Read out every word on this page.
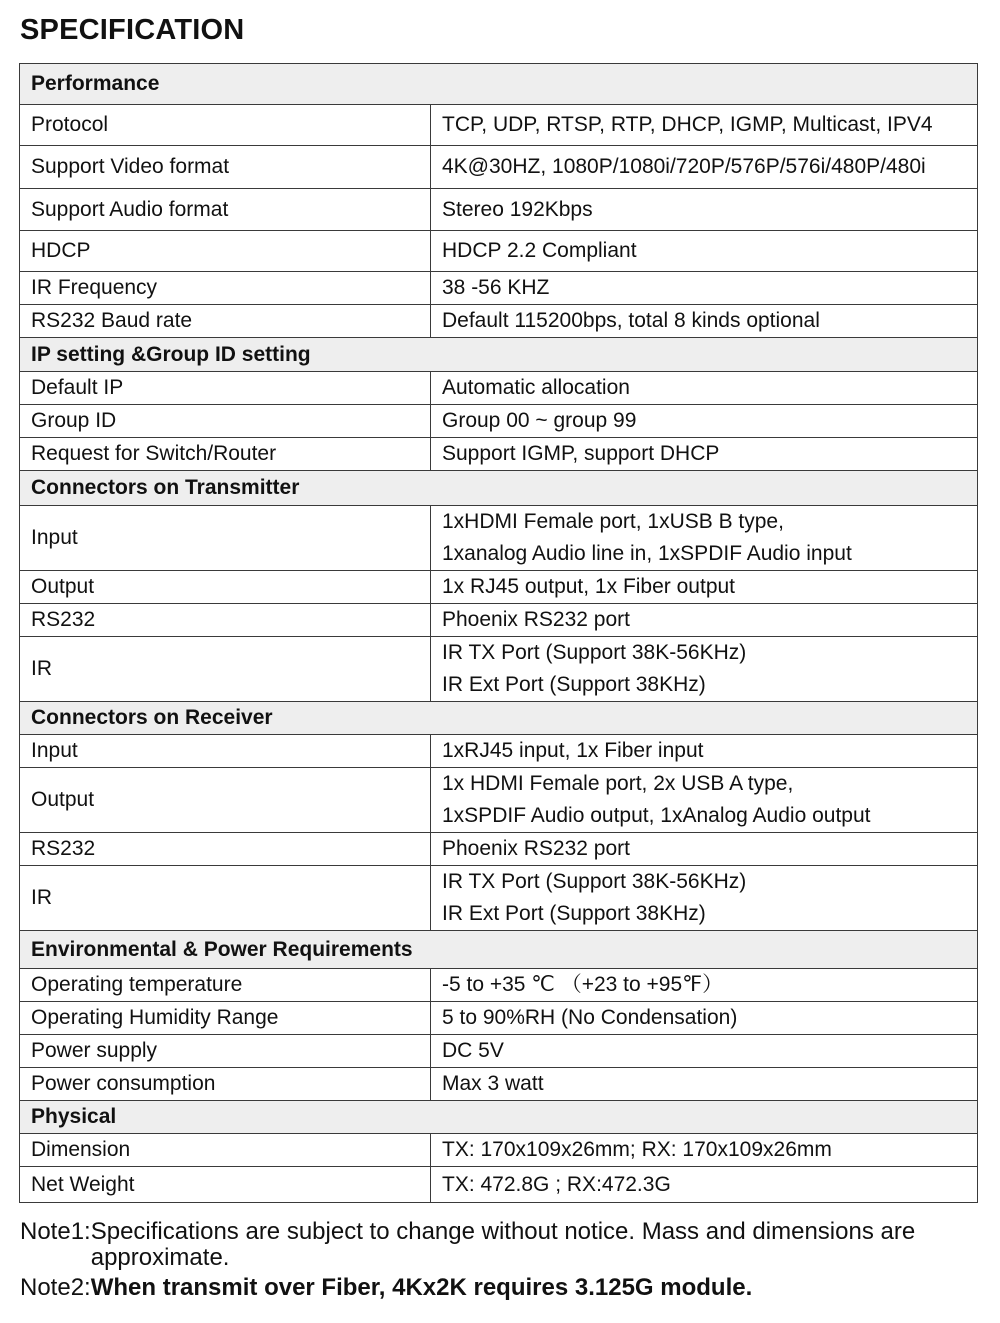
SPECIFICATION
Performance	
Protocol	TCP, UDP, RTSP, RTP, DHCP, IGMP, Multicast, IPV4

Support Video format	4K@30HZ, 1080P/1080i/720P/576P/576i/480P/480i

Support Audio format	Stereo 192Kbps

HDCP	HDCP 2.2 Compliant

IR Frequency	38 -56 KHZ

RS232 Baud rate	Default 115200bps, total 8 kinds optional

IP setting &Group ID setting	
Default IP	Automatic allocation

Group ID	Group 00 ~ group 99

Request for Switch/Router	Support IGMP, support DHCP

Connectors on Transmitter	
Input	1xHDMI Female port, 1xUSB B type,
1xanalog Audio line in, 1xSPDIF Audio input

Output	1x RJ45 output, 1x Fiber output

RS232	Phoenix RS232 port

IR	IR TX Port (Support 38K-56KHz)
IR Ext Port (Support 38KHz)

Connectors on Receiver	
Input	1xRJ45 input, 1x Fiber input

Output	1x HDMI Female port, 2x USB A type,
1xSPDIF Audio output, 1xAnalog Audio output

RS232	Phoenix RS232 port

IR	IR TX Port (Support 38K-56KHz)
IR Ext Port (Support 38KHz)

Environmental & Power Requirements	
Operating temperature	-5 to +35 ℃ （+23 to +95℉）

Operating Humidity Range	5 to 90%RH (No Condensation)

Power supply	DC 5V

Power consumption	Max 3 watt

Physical	
Dimension	TX: 170x109x26mm; RX: 170x109x26mm

Net Weight	TX: 472.8G ; RX:472.3G
Note1: Specifications are subject to change without notice. Mass and dimensions are approximate.
Note2: When transmit over Fiber, 4Kx2K requires 3.125G module.
